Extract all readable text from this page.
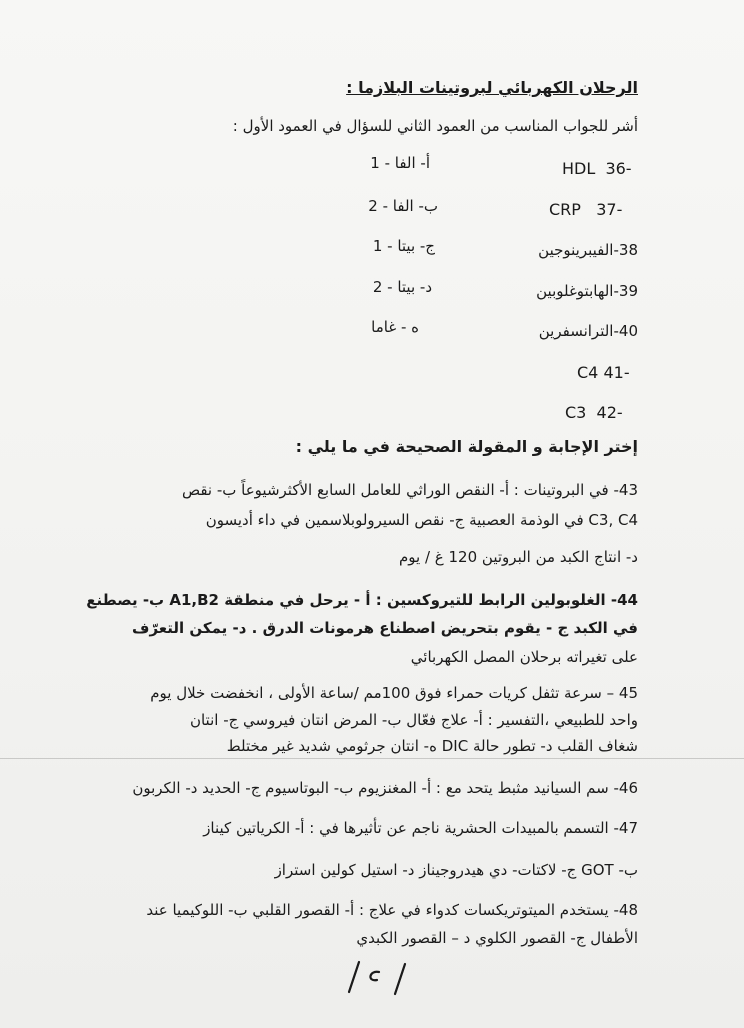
الرحلان الكهربائي لبروتينات البلازما :
أشر للجواب المناسب من العمود الثاني للسؤال في العمود الأول :
HDL 36-
CRP 37-
38-الفيبرينوجين
39-الهابتوغلوبين
40-الترانسفرين
C4 41-
C3 42-
أ- الفا - 1
ب- الفا - 2
ج- بيتا - 1
د- بيتا - 2
ه - غاما
إختر الإجابة و المقولة الصحيحة في ما يلي :
43- في البروتينات : أ- النقص الوراثي للعامل السابع الأكثرشيوعاً ب- نقص
C3, C4 في الوذمة العصبية ج- نقص السيرولوبلاسمين في داء أديسون
د- انتاج الكبد من البروتين 120 غ / يوم
44- الغلوبولين الرابط للتيروكسين : أ - يرحل في منطقة A1,B2 ب- يصطنع
في الكبد ج - يقوم بتحريض اصطناع هرمونات الدرق . د- يمكن التعرّف
على تغيراته برحلان المصل الكهربائي
45 – سرعة تثفل كريات حمراء فوق 100مم /ساعة الأولى ، انخفضت خلال يوم
واحد للطبيعي ،التفسير : أ- علاج فعّال ب- المرض انتان فيروسي ج- انتان
شغاف القلب د- تطور حالة DIC ه- انتان جرثومي شديد غير مختلط
46- سم السيانيد مثبط يتحد مع : أ- المغنزيوم ب- البوتاسيوم ج- الحديد د- الكربون
47- التسمم بالمبيدات الحشرية ناجم عن تأثيرها في : أ- الكرياتين كيناز
ب- GOT ج- لاكتات- دي هيدروجيناز د- استيل كولين استراز
48- يستخدم الميتوتريكسات كدواء في علاج : أ- القصور القلبي ب- اللوكيميا عند
الأطفال ج- القصور الكلوي د – القصور الكبدي
